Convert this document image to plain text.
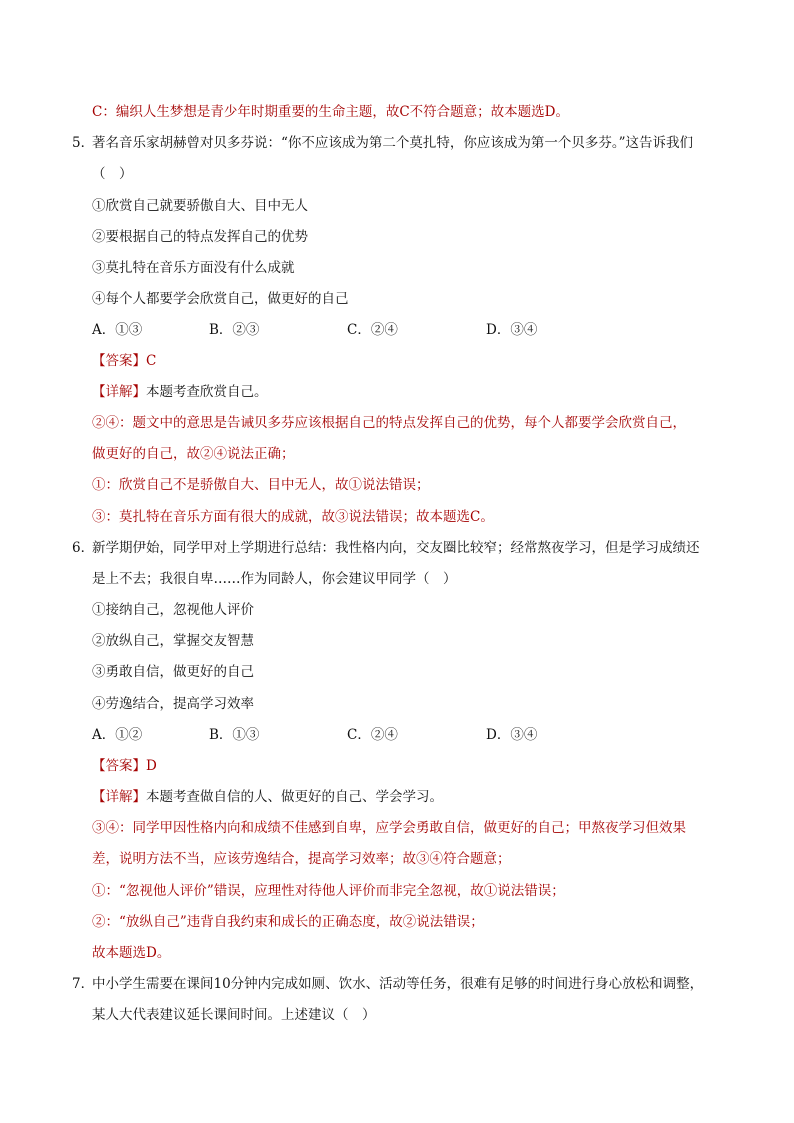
C：编织人生梦想是青少年时期重要的生命主题，故C不符合题意；故本题选D。
5．
著名音乐家胡赫曾对贝多芬说：“你不应该成为第二个莫扎特，你应该成为第一个贝多芬。”这告诉我们
（　）
①欣赏自己就要骄傲自大、目中无人
②要根据自己的特点发挥自己的优势
③莫扎特在音乐方面没有什么成就
④每个人都要学会欣赏自己，做更好的自己
A．①③	B．②③	C．②④	D．③④
【答案】C
【详解】本题考查欣赏自己。
②④：题文中的意思是告诫贝多芬应该根据自己的特点发挥自己的优势，每个人都要学会欣赏自己，
做更好的自己，故②④说法正确；
①：欣赏自己不是骄傲自大、目中无人，故①说法错误；
③：莫扎特在音乐方面有很大的成就，故③说法错误；故本题选C。
6．
新学期伊始，同学甲对上学期进行总结：我性格内向，交友圈比较窄；经常熬夜学习，但是学习成绩还
是上不去；我很自卑……作为同龄人，你会建议甲同学（　）
①接纳自己，忽视他人评价
②放纵自己，掌握交友智慧
③勇敢自信，做更好的自己
④劳逸结合，提高学习效率
A．①②	B．①③	C．②④	D．③④
【答案】D
【详解】本题考查做自信的人、做更好的自己、学会学习。
③④：同学甲因性格内向和成绩不佳感到自卑，应学会勇敢自信，做更好的自己；甲熬夜学习但效果
差，说明方法不当，应该劳逸结合，提高学习效率；故③④符合题意；
①：“忽视他人评价”错误，应理性对待他人评价而非完全忽视，故①说法错误；
②：“放纵自己”违背自我约束和成长的正确态度，故②说法错误；
故本题选D。
7．
中小学生需要在课间10分钟内完成如厕、饮水、活动等任务，很难有足够的时间进行身心放松和调整，
某人大代表建议延长课间时间。上述建议（　）
